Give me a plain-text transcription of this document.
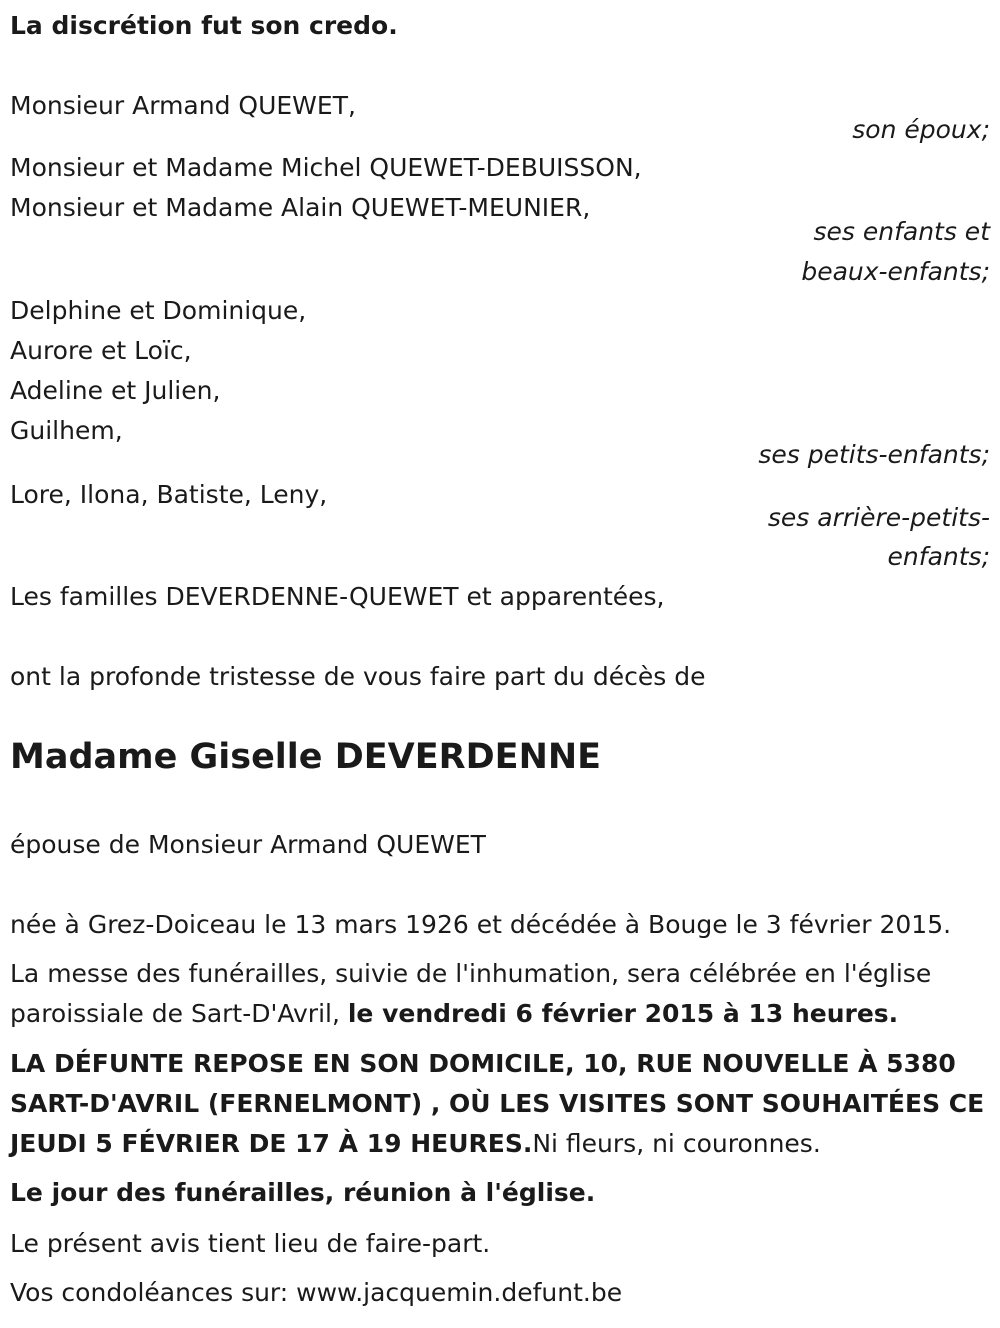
La discrétion fut son credo.
Monsieur Armand QUEWET,
son époux;
Monsieur et Madame Michel QUEWET-DEBUISSON,
Monsieur et Madame Alain QUEWET-MEUNIER,
ses enfants et
beaux-enfants;
Delphine et Dominique,
Aurore et Loïc,
Adeline et Julien,
Guilhem,
ses petits-enfants;
Lore, Ilona, Batiste, Leny,
ses arrière-petits-
enfants;
Les familles DEVERDENNE-QUEWET et apparentées,
ont la profonde tristesse de vous faire part du décès de
Madame Giselle DEVERDENNE
épouse de Monsieur Armand QUEWET
née à Grez-Doiceau le 13 mars 1926 et décédée à Bouge le 3 février 2015.
La messe des funérailles, suivie de l'inhumation, sera célébrée en l'église
paroissiale de Sart-D'Avril, le vendredi 6 février 2015 à 13 heures.
LA DÉFUNTE REPOSE EN SON DOMICILE, 10, RUE NOUVELLE À 5380
SART-D'AVRIL (FERNELMONT) , OÙ LES VISITES SONT SOUHAITÉES CE
JEUDI 5 FÉVRIER DE 17 À 19 HEURES.Ni fleurs, ni couronnes.
Le jour des funérailles, réunion à l'église.
Le présent avis tient lieu de faire-part.
Vos condoléances sur: www.jacquemin.defunt.be
